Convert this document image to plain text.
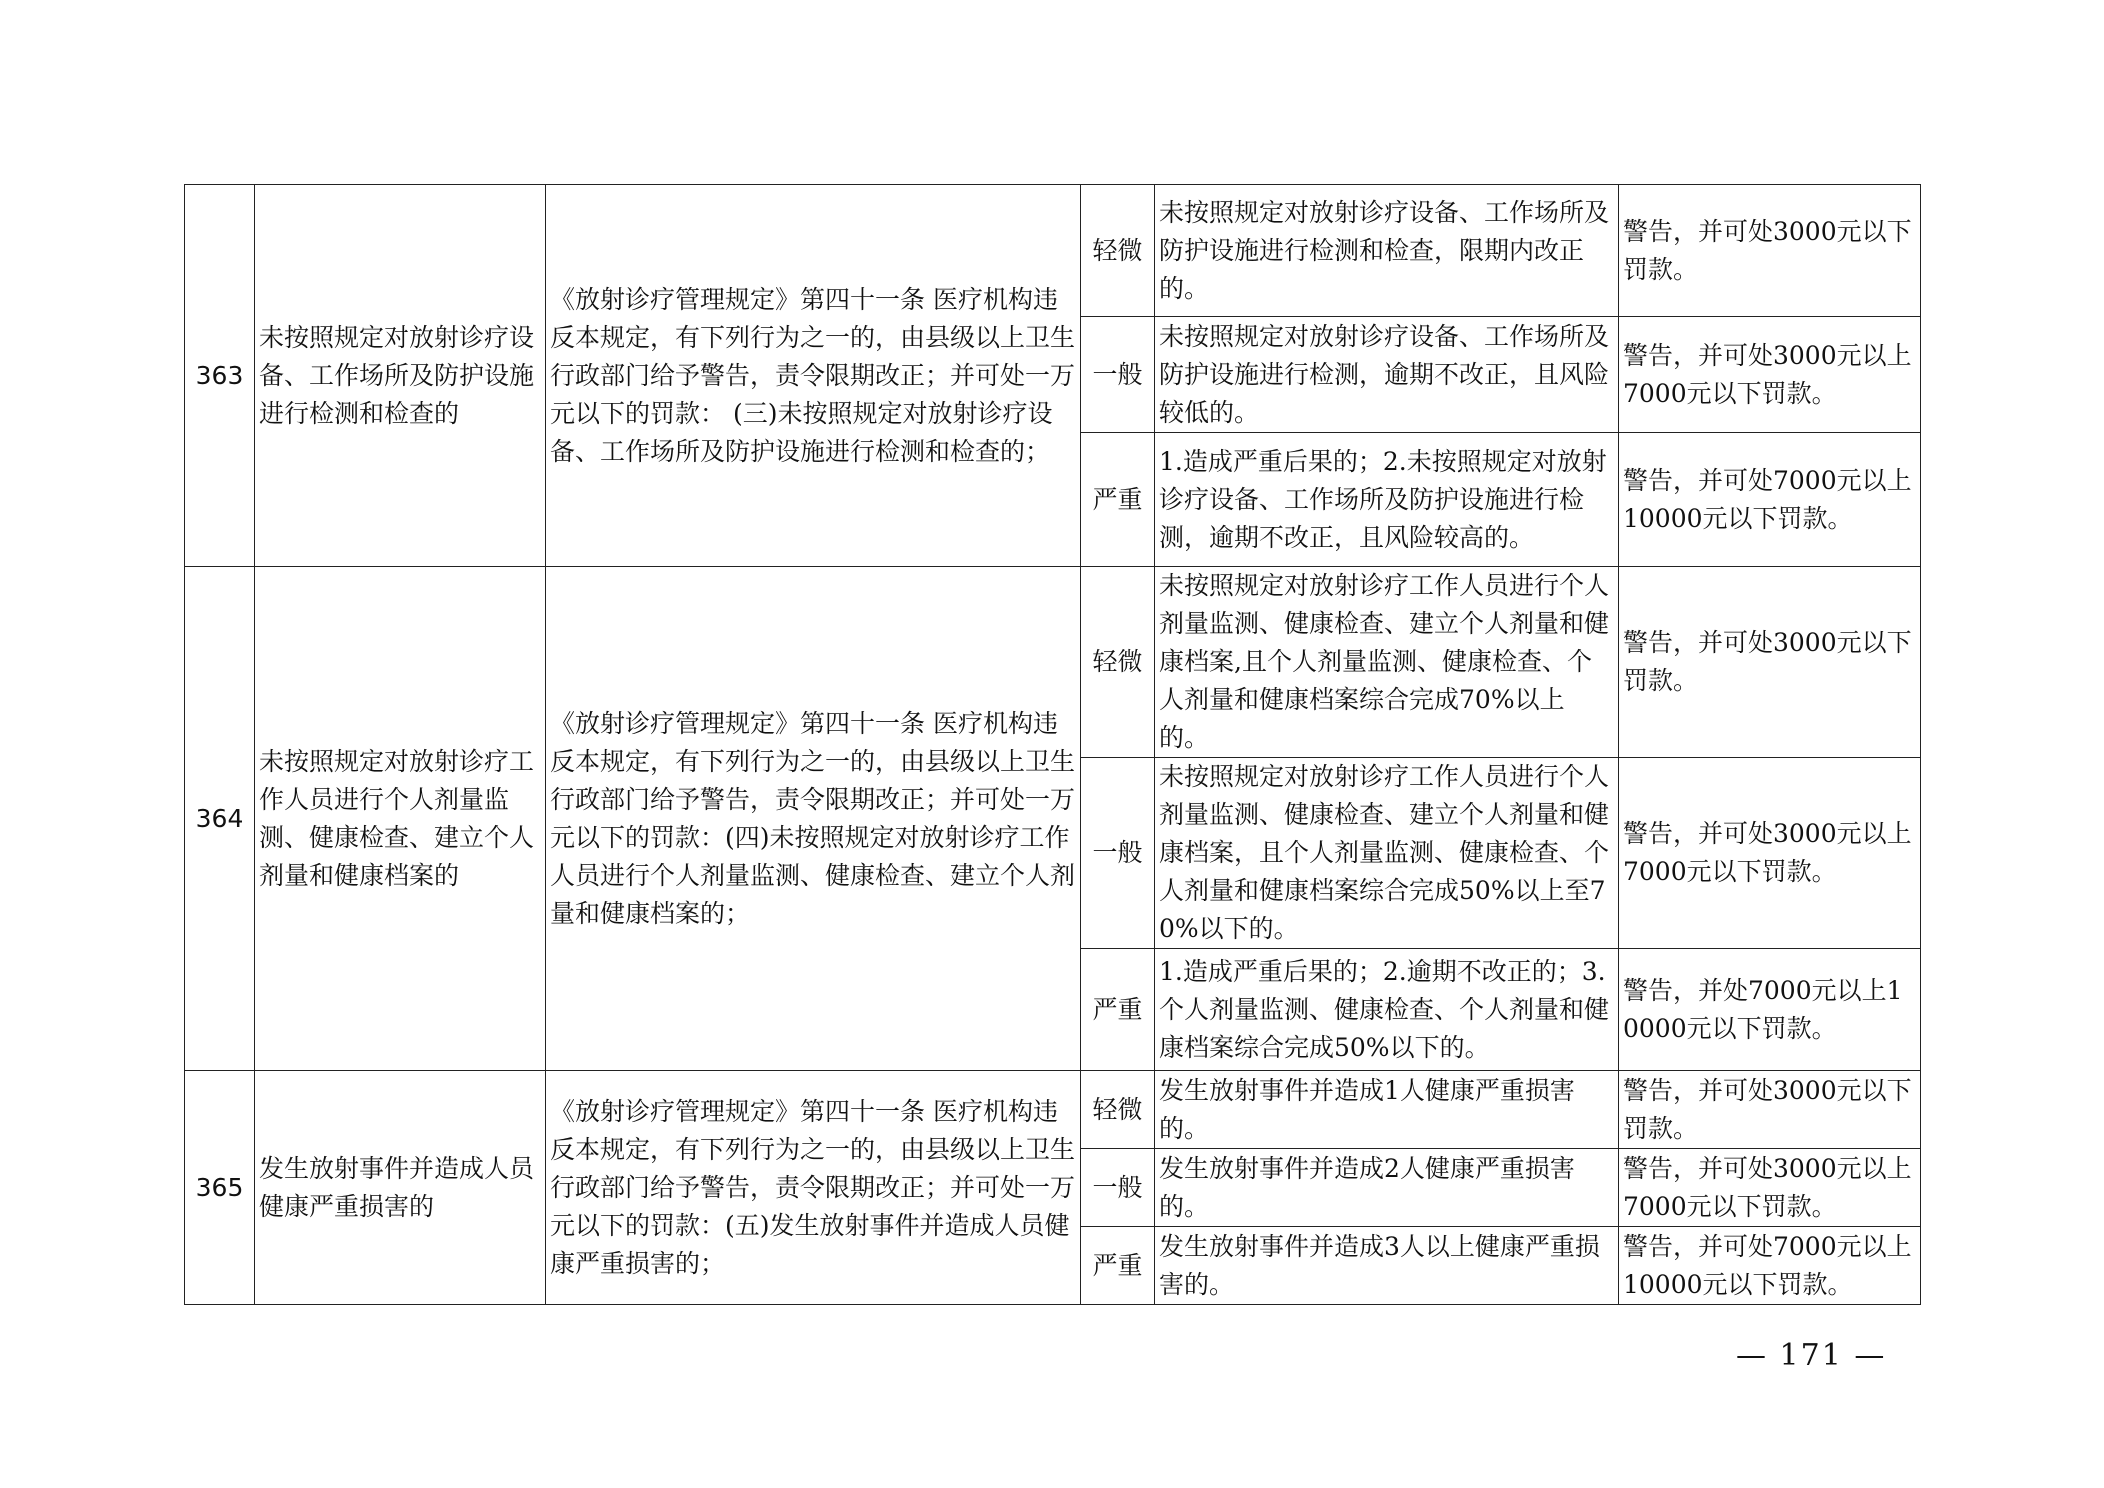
363	未按照规定对放射诊疗设备、工作场所及防护设施进行检测和检查的	《放射诊疗管理规定》第四十一条 医疗机构违反本规定，有下列行为之一的，由县级以上卫生行政部门给予警告，责令限期改正；并可处一万元以下的罚款： (三)未按照规定对放射诊疗设备、工作场所及防护设施进行检测和检查的；	轻微	未按照规定对放射诊疗设备、工作场所及防护设施进行检测和检查，限期内改正的。	警告，并可处3000元以下罚款。
			一般	未按照规定对放射诊疗设备、工作场所及防护设施进行检测，逾期不改正，且风险较低的。	警告，并可处3000元以上7000元以下罚款。
			严重	1.造成严重后果的；2.未按照规定对放射诊疗设备、工作场所及防护设施进行检测，逾期不改正，且风险较高的。	警告，并可处7000元以上10000元以下罚款。
364	未按照规定对放射诊疗工作人员进行个人剂量监测、健康检查、建立个人剂量和健康档案的	《放射诊疗管理规定》第四十一条 医疗机构违反本规定，有下列行为之一的，由县级以上卫生行政部门给予警告，责令限期改正；并可处一万元以下的罚款：(四)未按照规定对放射诊疗工作人员进行个人剂量监测、健康检查、建立个人剂量和健康档案的；	轻微	未按照规定对放射诊疗工作人员进行个人剂量监测、健康检查、建立个人剂量和健康档案,且个人剂量监测、健康检查、个人剂量和健康档案综合完成70%以上的。	警告，并可处3000元以下罚款。
			一般	未按照规定对放射诊疗工作人员进行个人剂量监测、健康检查、建立个人剂量和健康档案，且个人剂量监测、健康检查、个人剂量和健康档案综合完成50%以上至70%以下的。	警告，并可处3000元以上7000元以下罚款。
			严重	1.造成严重后果的；2.逾期不改正的；3.个人剂量监测、健康检查、个人剂量和健康档案综合完成50%以下的。	警告，并处7000元以上10000元以下罚款。
365	发生放射事件并造成人员健康严重损害的	《放射诊疗管理规定》第四十一条 医疗机构违反本规定，有下列行为之一的，由县级以上卫生行政部门给予警告，责令限期改正；并可处一万元以下的罚款：(五)发生放射事件并造成人员健康严重损害的；	轻微	发生放射事件并造成1人健康严重损害的。	警告，并可处3000元以下罚款。
			一般	发生放射事件并造成2人健康严重损害的。	警告，并可处3000元以上7000元以下罚款。
			严重	发生放射事件并造成3人以上健康严重损害的。	警告，并可处7000元以上10000元以下罚款。
— 171 —
